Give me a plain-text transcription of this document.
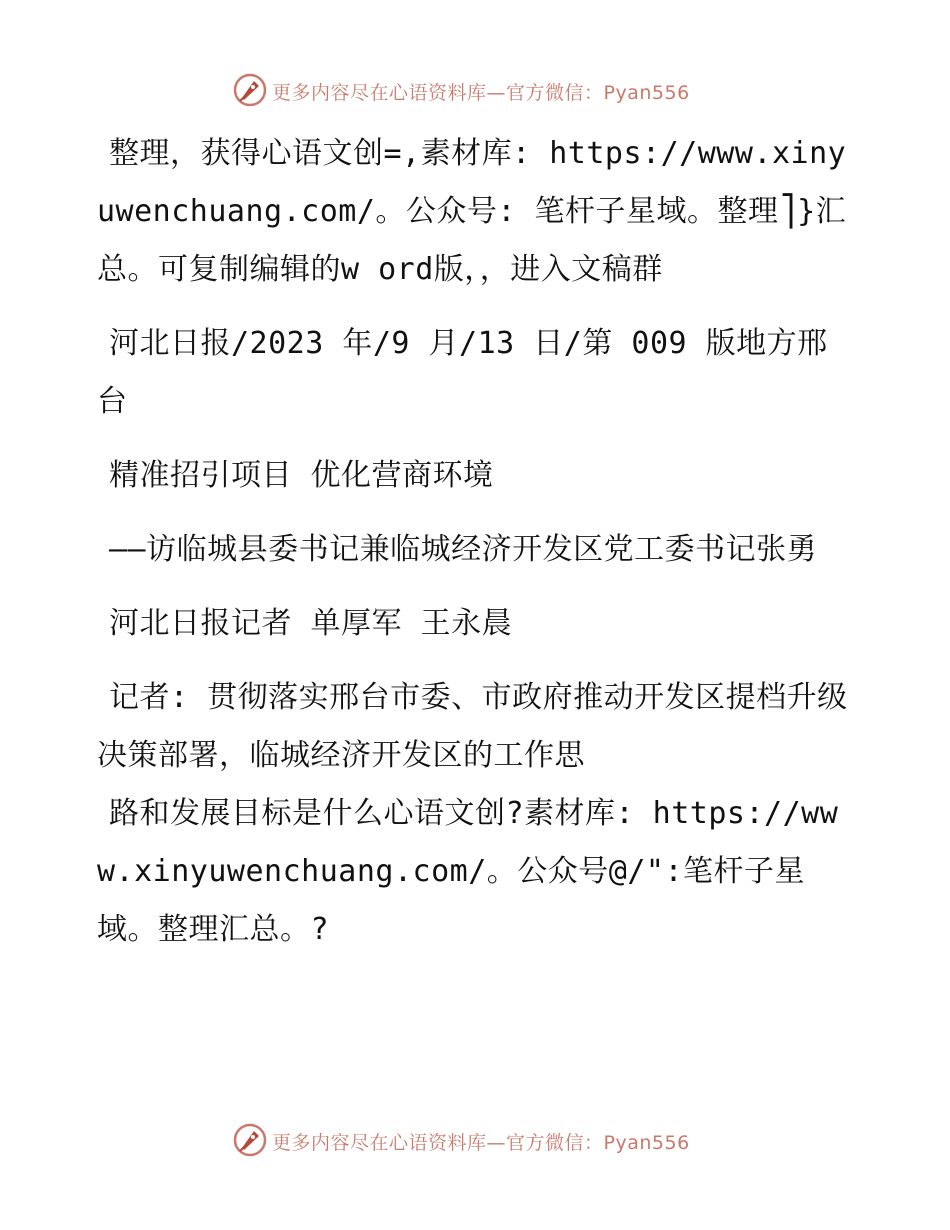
更多内容尽在心语资料库—官方微信：Pyan556

整理，获得心语文创=,素材库: https://www.xinyuwenchuang.com/。公众号: 笔杆子星域。整理⎤}汇总。可复制编辑的w ord版，，进入文稿群

河北日报/2023 年/9 月/13 日/第 009 版地方邢台

精准招引项目 优化营商环境

——访临城县委书记兼临城经济开发区党工委书记张勇

河北日报记者 单厚军 王永晨

记者: 贯彻落实邢台市委、市政府推动开发区提档升级决策部署，临城经济开发区的工作思

路和发展目标是什么心语文创?素材库: https://www.xinyuwenchuang.com/。公众号@/":笔杆子星域。整理汇总。?

更多内容尽在心语资料库—官方微信：Pyan556
